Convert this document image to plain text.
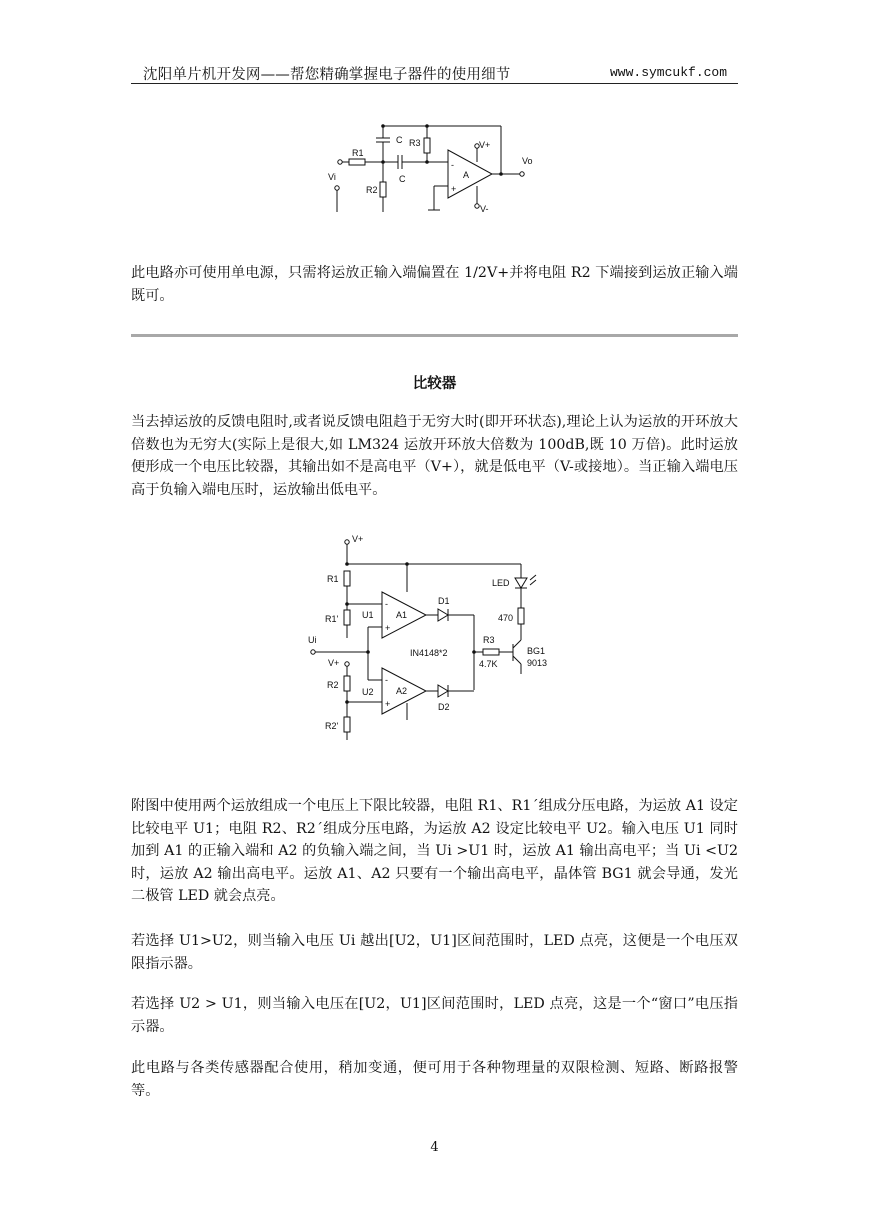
沈阳单片机开发网——帮您精确掌握电子器件的使用细节	www.symcukf.com
C R3	V+
R1
C
Vo
Vi	A
R2
V-
-
+

此电路亦可使用单电源，只需将运放正输入端偏置在 1/2V+并将电阻 R2 下端接到运放正输入端既可。

比较器

当去掉运放的反馈电阻时,或者说反馈电阻趋于无穷大时(即开环状态),理论上认为运放的开环放大倍数也为无穷大(实际上是很大,如 LM324 运放开环放大倍数为 100dB,既 10 万倍)。此时运放便形成一个电压比较器，其输出如不是高电平（V+），就是低电平（V-或接地）。当正输入端电压高于负输入端电压时，运放输出低电平。

V+
R1
R1'	U1 A1
D1
LED
470
Ui	R3
4.7K
BG1
9013
IN4148*2
V+
R2
U2 A2
D2
R2'
-
+
-
+

附图中使用两个运放组成一个电压上下限比较器，电阻 R1、R1ˊ组成分压电路，为运放 A1 设定比较电平 U1；电阻 R2、R2ˊ组成分压电路，为运放 A2 设定比较电平 U2。输入电压 U1 同时加到 A1 的正输入端和 A2 的负输入端之间，当 Ui >U1 时，运放 A1 输出高电平；当 Ui <U2 时，运放 A2 输出高电平。运放 A1、A2 只要有一个输出高电平，晶体管 BG1 就会导通，发光二极管 LED 就会点亮。

若选择 U1>U2，则当输入电压 Ui 越出[U2，U1]区间范围时，LED 点亮，这便是一个电压双限指示器。

若选择 U2 > U1，则当输入电压在[U2，U1]区间范围时，LED 点亮，这是一个“窗口”电压指示器。

此电路与各类传感器配合使用，稍加变通，便可用于各种物理量的双限检测、短路、断路报警等。

4
